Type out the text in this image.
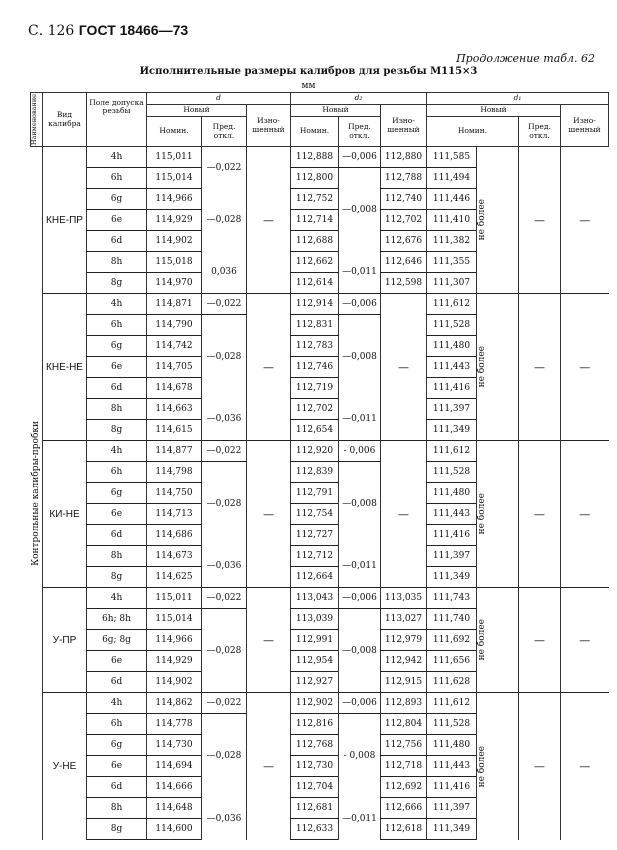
С. 126 ГОСТ 18466—73
Продолжение табл. 62
Исполнительные размеры калибров для резьбы M115×3
мм
Наименование	Вид калибра	Поле допуска резьбы	d			d₂			d₁			
			Новый		Изно-шенный	Новый		Изно-шенный	Новый			Изно-шенный
			Номин.	Пред. откл.		Номин.	Пред. откл.		Номин.		Пред. откл.	

Контрольные калибры-пробки	КНЕ-ПР	4h	115,011	—0,022	—	112,888	—0,006	112,880	111,585	не более	—	—
		6h	115,014			112,800	—0,008	112,788	111,494			
		6g	114,966	—0,028		112,752		112,740	111,446			
		6e	114,929			112,714		112,702	111,410			
		6d	114,902			112,688		112,676	111,382			
		8h	115,018	0,036		112,662	—0,011	112,646	111,355			
		8g	114,970			112,614		112,598	111,307			
	КНЕ-НЕ	4h	114,871	—0,022	—	112,914	—0,006	—	111,612	не более	—	—
		6h	114,790	—0,028		112,831	—0,008		111,528			
		6g	114,742			112,783			111,480			
		6e	114,705			112,746			111,443			
		6d	114,678			112,719			111,416			
		8h	114,663	—0,036		112,702	—0,011		111,397			
		8g	114,615			112,654			111,349			
	КИ-НЕ	4h	114,877	—0,022	—	112,920	- 0,006	—	111,612	не более	—	—
		6h	114,798	—0,028		112,839	—0,008		111,528			
		6g	114,750			112,791			111,480			
		6e	114,713			112,754			111,443			
		6d	114,686			112,727			111,416			
		8h	114,673	—0,036		112,712	—0,011		111,397			
		8g	114,625			112,664			111,349			
	У-ПР	4h	115,011	—0,022	—	113,043	—0,006	113,035	111,743	не более	—	—
		6h; 8h	115,014	—0,028		113,039	—0,008	113,027	111,740			
		6g; 8g	114,966			112,991		112,979	111,692			
		6e	114,929			112,954		112,942	111,656			
		6d	114,902			112,927		112,915	111,628			
	У-НЕ	4h	114,862	—0,022	—	112,902	—0,006	112,893	111,612	не более	—	—
		6h	114,778	—0,028		112,816	- 0,008	112,804	111,528			
		6g	114,730			112,768		112,756	111,480			
		6e	114,694			112,730		112,718	111,443			
		6d	114,666			112,704		112,692	111,416			
		8h	114,648	—0,036		112,681	—0,011	112,666	111,397			
		8g	114,600			112,633		112,618	111,349			
